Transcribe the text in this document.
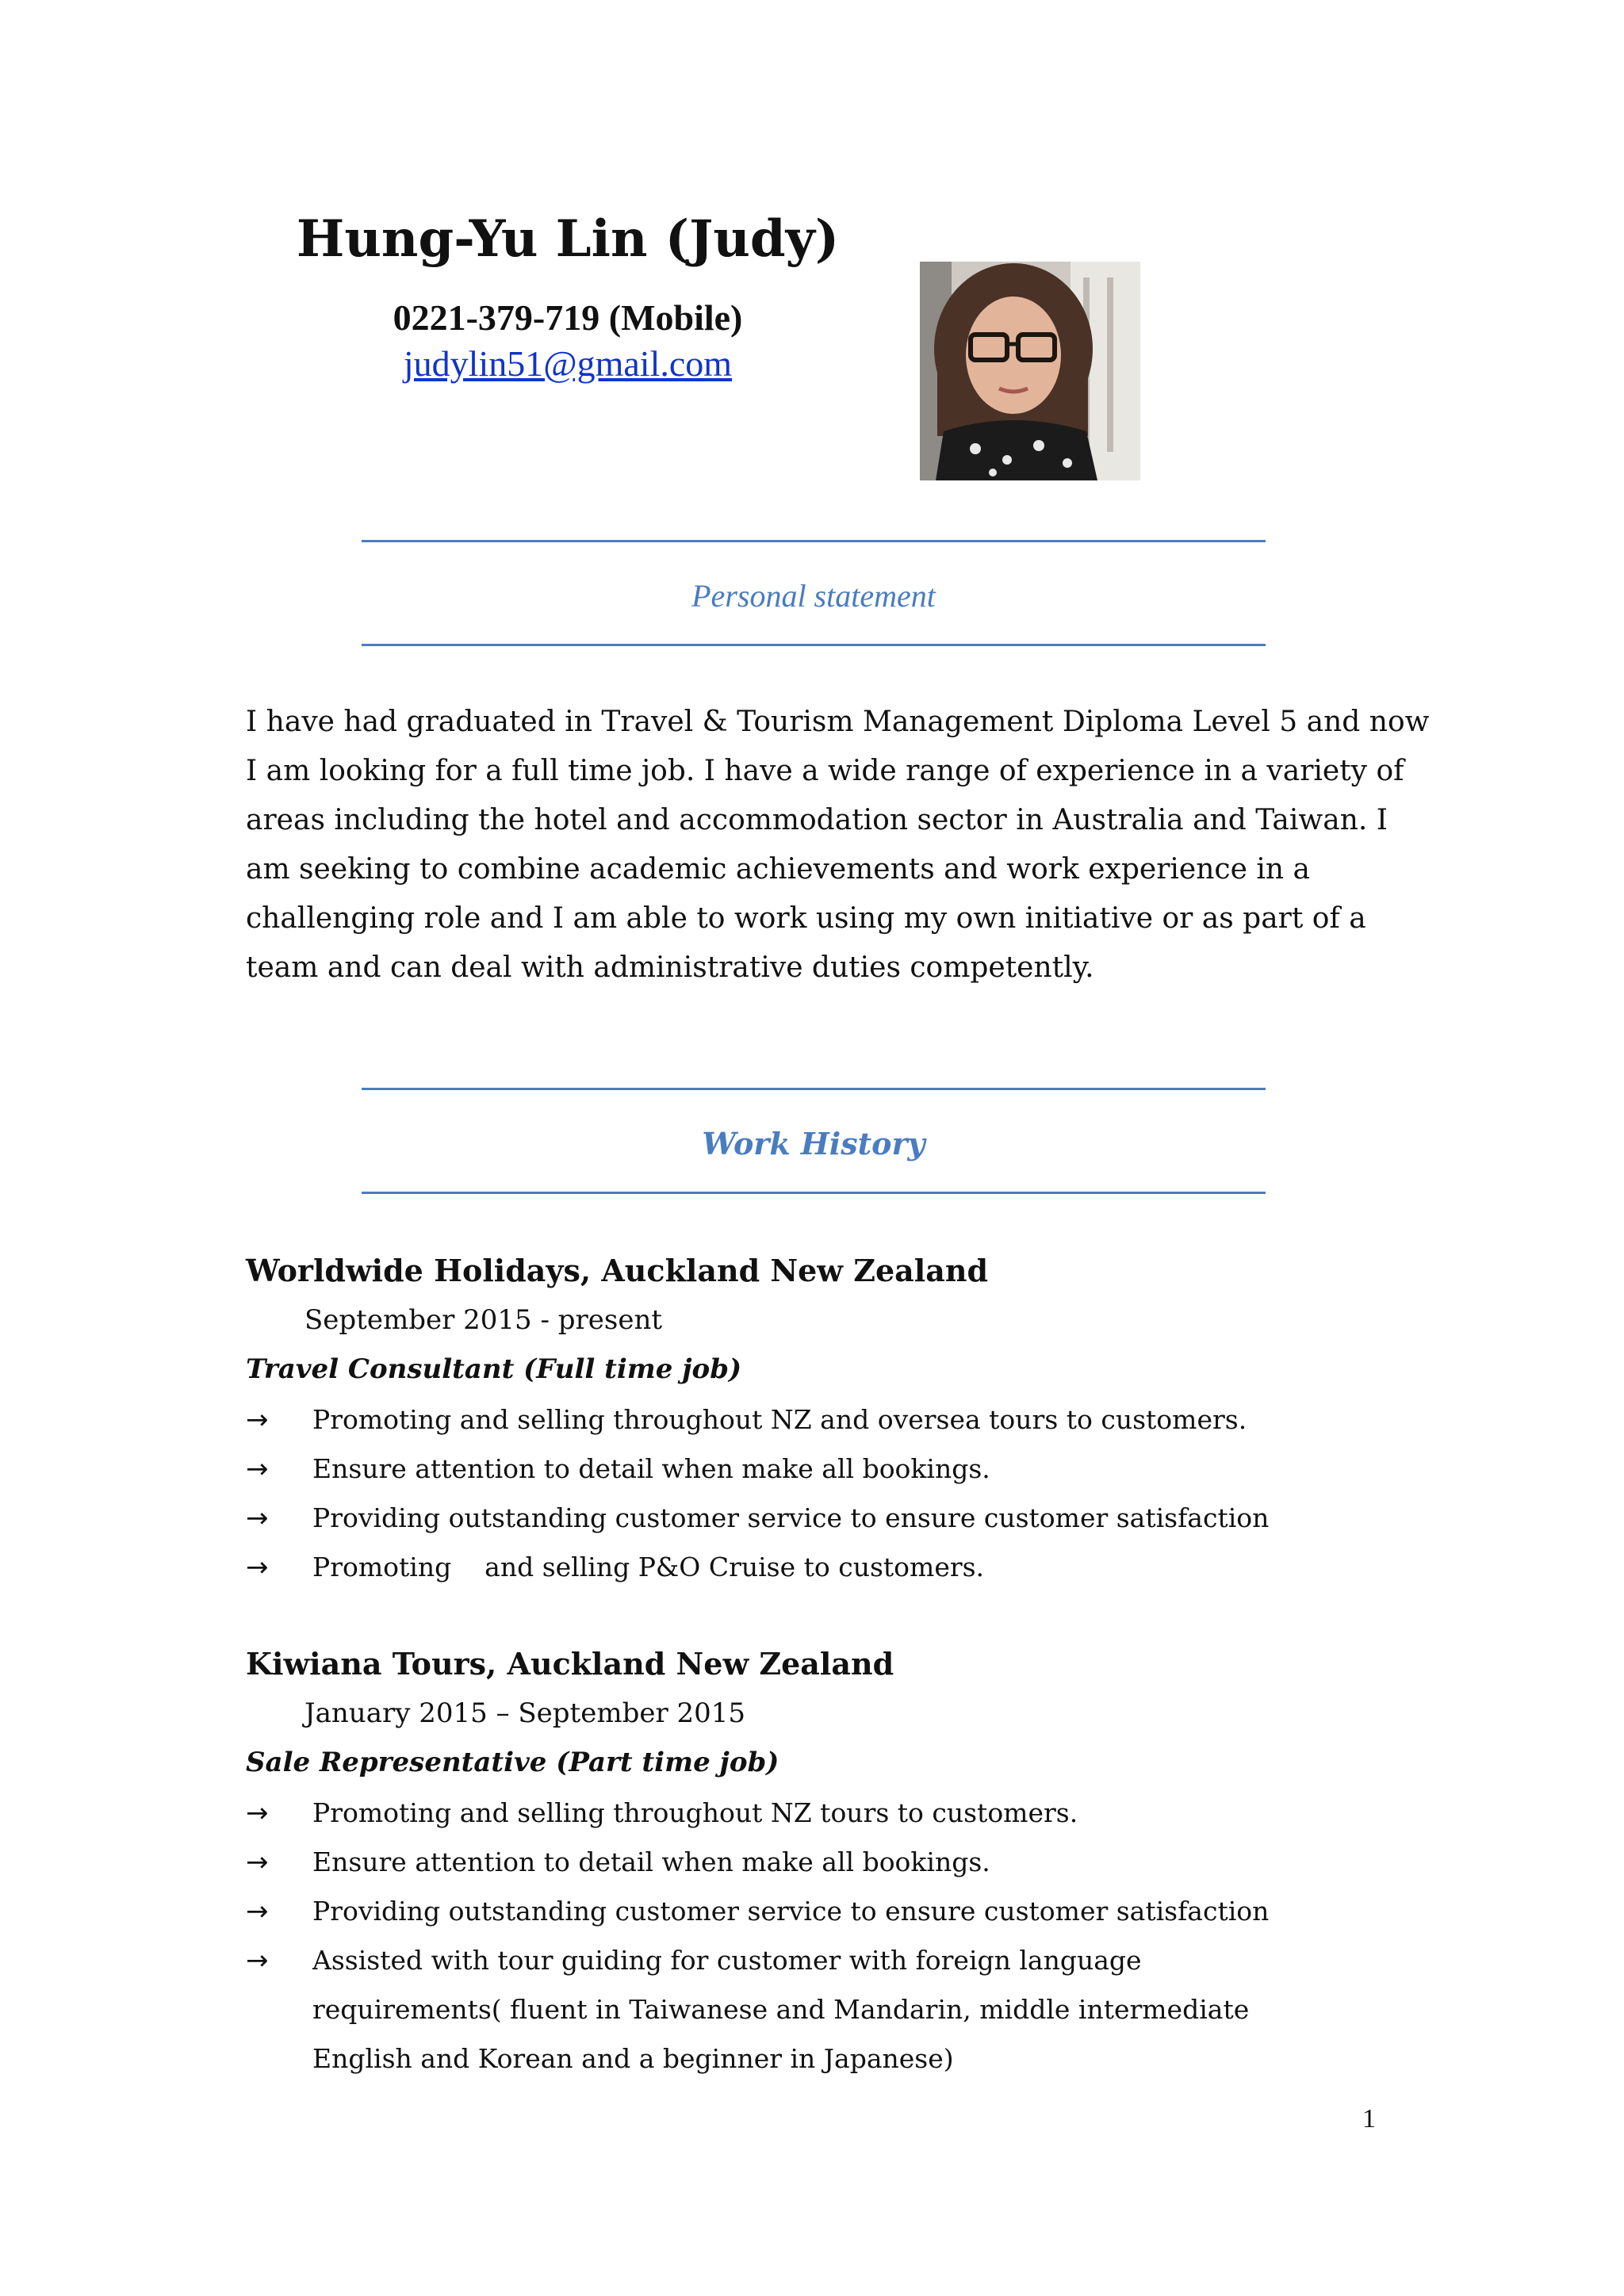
Hung-Yu Lin (Judy)
0221-379-719 (Mobile)
judylin51@gmail.com
Personal statement
I have had graduated in Travel & Tourism Management Diploma Level 5 and now
I am looking for a full time job. I have a wide range of experience in a variety of
areas including the hotel and accommodation sector in Australia and Taiwan. I
am seeking to combine academic achievements and work experience in a
challenging role and I am able to work using my own initiative or as part of a
team and can deal with administrative duties competently.
Work History
Worldwide Holidays, Auckland New Zealand
September 2015 - present
Travel Consultant (Full time job)
→ Promoting and selling throughout NZ and oversea tours to customers.
→ Ensure attention to detail when make all bookings.
→ Providing outstanding customer service to ensure customer satisfaction
→ Promoting    and selling P&O Cruise to customers.
Kiwiana Tours, Auckland New Zealand
January 2015 – September 2015
Sale Representative (Part time job)
→ Promoting and selling throughout NZ tours to customers.
→ Ensure attention to detail when make all bookings.
→ Providing outstanding customer service to ensure customer satisfaction
→ Assisted with tour guiding for customer with foreign language
requirements( fluent in Taiwanese and Mandarin, middle intermediate
English and Korean and a beginner in Japanese)
1
